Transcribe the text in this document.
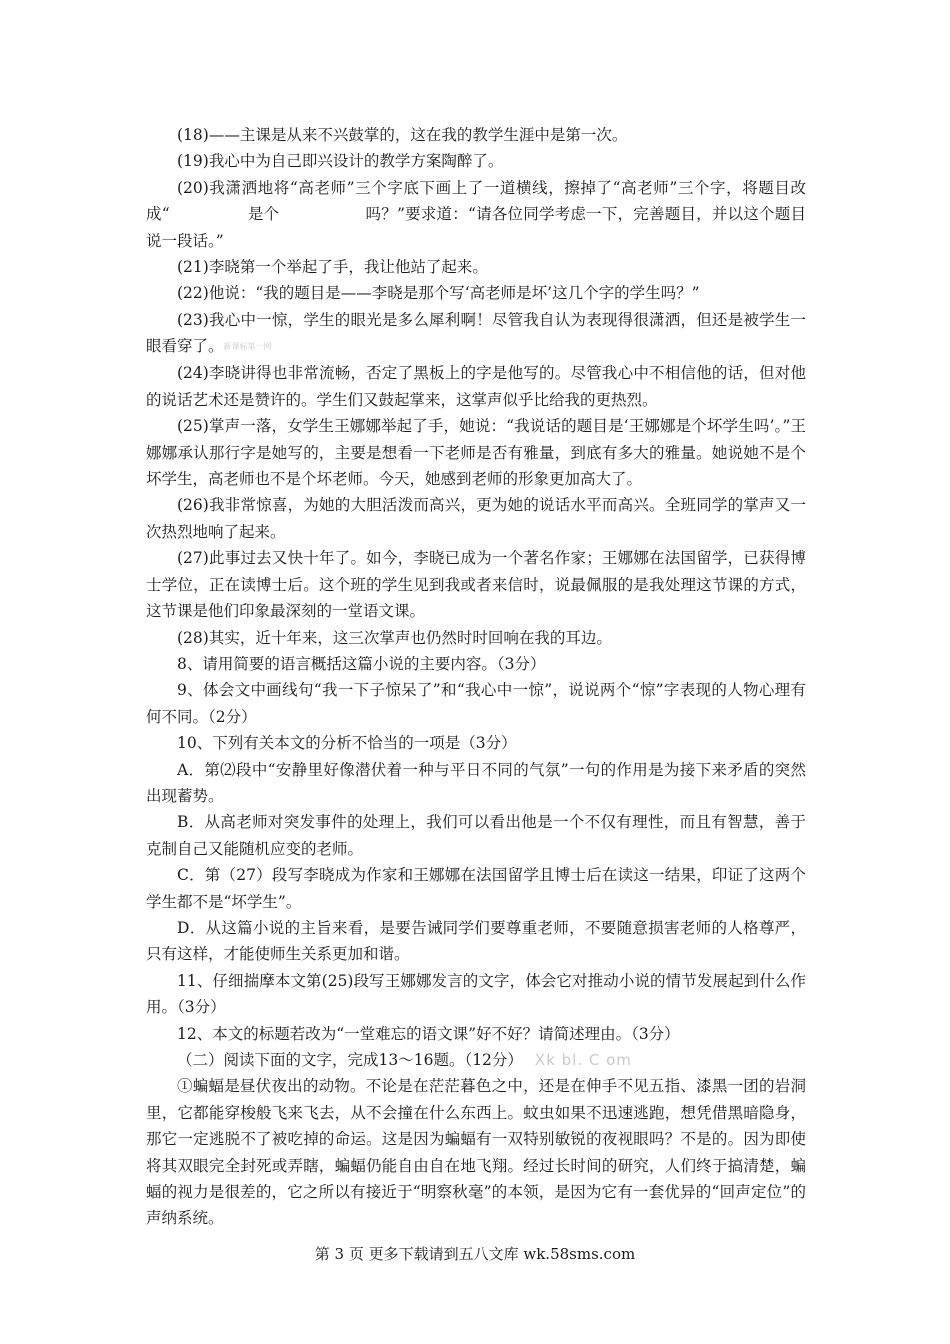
(18)——主课是从来不兴鼓掌的，这在我的教学生涯中是第一次。

(19)我心中为自己即兴设计的教学方案陶醉了。

(20)我潇洒地将“高老师”三个字底下画上了一道横线，擦掉了“高老师”三个字，将题目改成“	是个	吗？”要求道：“请各位同学考虑一下，完善题目，并以这个题目说一段话。”

(21)李晓第一个举起了手，我让他站了起来。

(22)他说：“我的题目是——李晓是那个写‘高老师是坏’这几个字的学生吗？”

(23)我心中一惊，学生的眼光是多么犀利啊！尽管我自认为表现得很潇洒，但还是被学生一眼看穿了。新课标第一网

(24)李晓讲得也非常流畅，否定了黑板上的字是他写的。尽管我心中不相信他的话，但对他的说话艺术还是赞许的。学生们又鼓起掌来，这掌声似乎比给我的更热烈。

(25)掌声一落，女学生王娜娜举起了手，她说：“我说话的题目是‘王娜娜是个坏学生吗’。”王娜娜承认那行字是她写的，主要是想看一下老师是否有雅量，到底有多大的雅量。她说她不是个坏学生，高老师也不是个坏老师。今天，她感到老师的形象更加高大了。

(26)我非常惊喜，为她的大胆活泼而高兴，更为她的说话水平而高兴。全班同学的掌声又一次热烈地响了起来。

(27)此事过去又快十年了。如今，李晓已成为一个著名作家；王娜娜在法国留学，已获得博士学位，正在读博士后。这个班的学生见到我或者来信时，说最佩服的是我处理这节课的方式，这节课是他们印象最深刻的一堂语文课。

(28)其实，近十年来，这三次掌声也仍然时时回响在我的耳边。

8、请用简要的语言概括这篇小说的主要内容。（3分）

9、体会文中画线句“我一下子惊呆了”和“我心中一惊”，说说两个“惊”字表现的人物心理有何不同。（2分）

10、下列有关本文的分析不恰当的一项是（3分）

A．第⑵段中“安静里好像潜伏着一种与平日不同的气氛”一句的作用是为接下来矛盾的突然出现蓄势。

B．从高老师对突发事件的处理上，我们可以看出他是一个不仅有理性，而且有智慧，善于克制自己又能随机应变的老师。

C．第（27）段写李晓成为作家和王娜娜在法国留学且博士后在读这一结果，印证了这两个学生都不是“坏学生”。

D．从这篇小说的主旨来看，是要告诫同学们要尊重老师，不要随意损害老师的人格尊严，只有这样，才能使师生关系更加和谐。

11、仔细揣摩本文第(25)段写王娜娜发言的文字，体会它对推动小说的情节发展起到什么作用。（3分）

12、本文的标题若改为“一堂难忘的语文课”好不好？请简述理由。（3分）

（二）阅读下面的文字，完成13～16题。（12分） Xk bl. C om

①蝙蝠是昼伏夜出的动物。不论是在茫茫暮色之中，还是在伸手不见五指、漆黑一团的岩洞里，它都能穿梭般飞来飞去，从不会撞在什么东西上。蚊虫如果不迅速逃跑，想凭借黑暗隐身，那它一定逃脱不了被吃掉的命运。这是因为蝙蝠有一双特别敏锐的夜视眼吗？不是的。因为即使将其双眼完全封死或弄瞎，蝙蝠仍能自由自在地飞翔。经过长时间的研究，人们终于搞清楚，蝙蝠的视力是很差的，它之所以有接近于“明察秋毫”的本领，是因为它有一套优异的“回声定位”的声纳系统。

第 3 页 更多下载请到五八文库 wk.58sms.com
